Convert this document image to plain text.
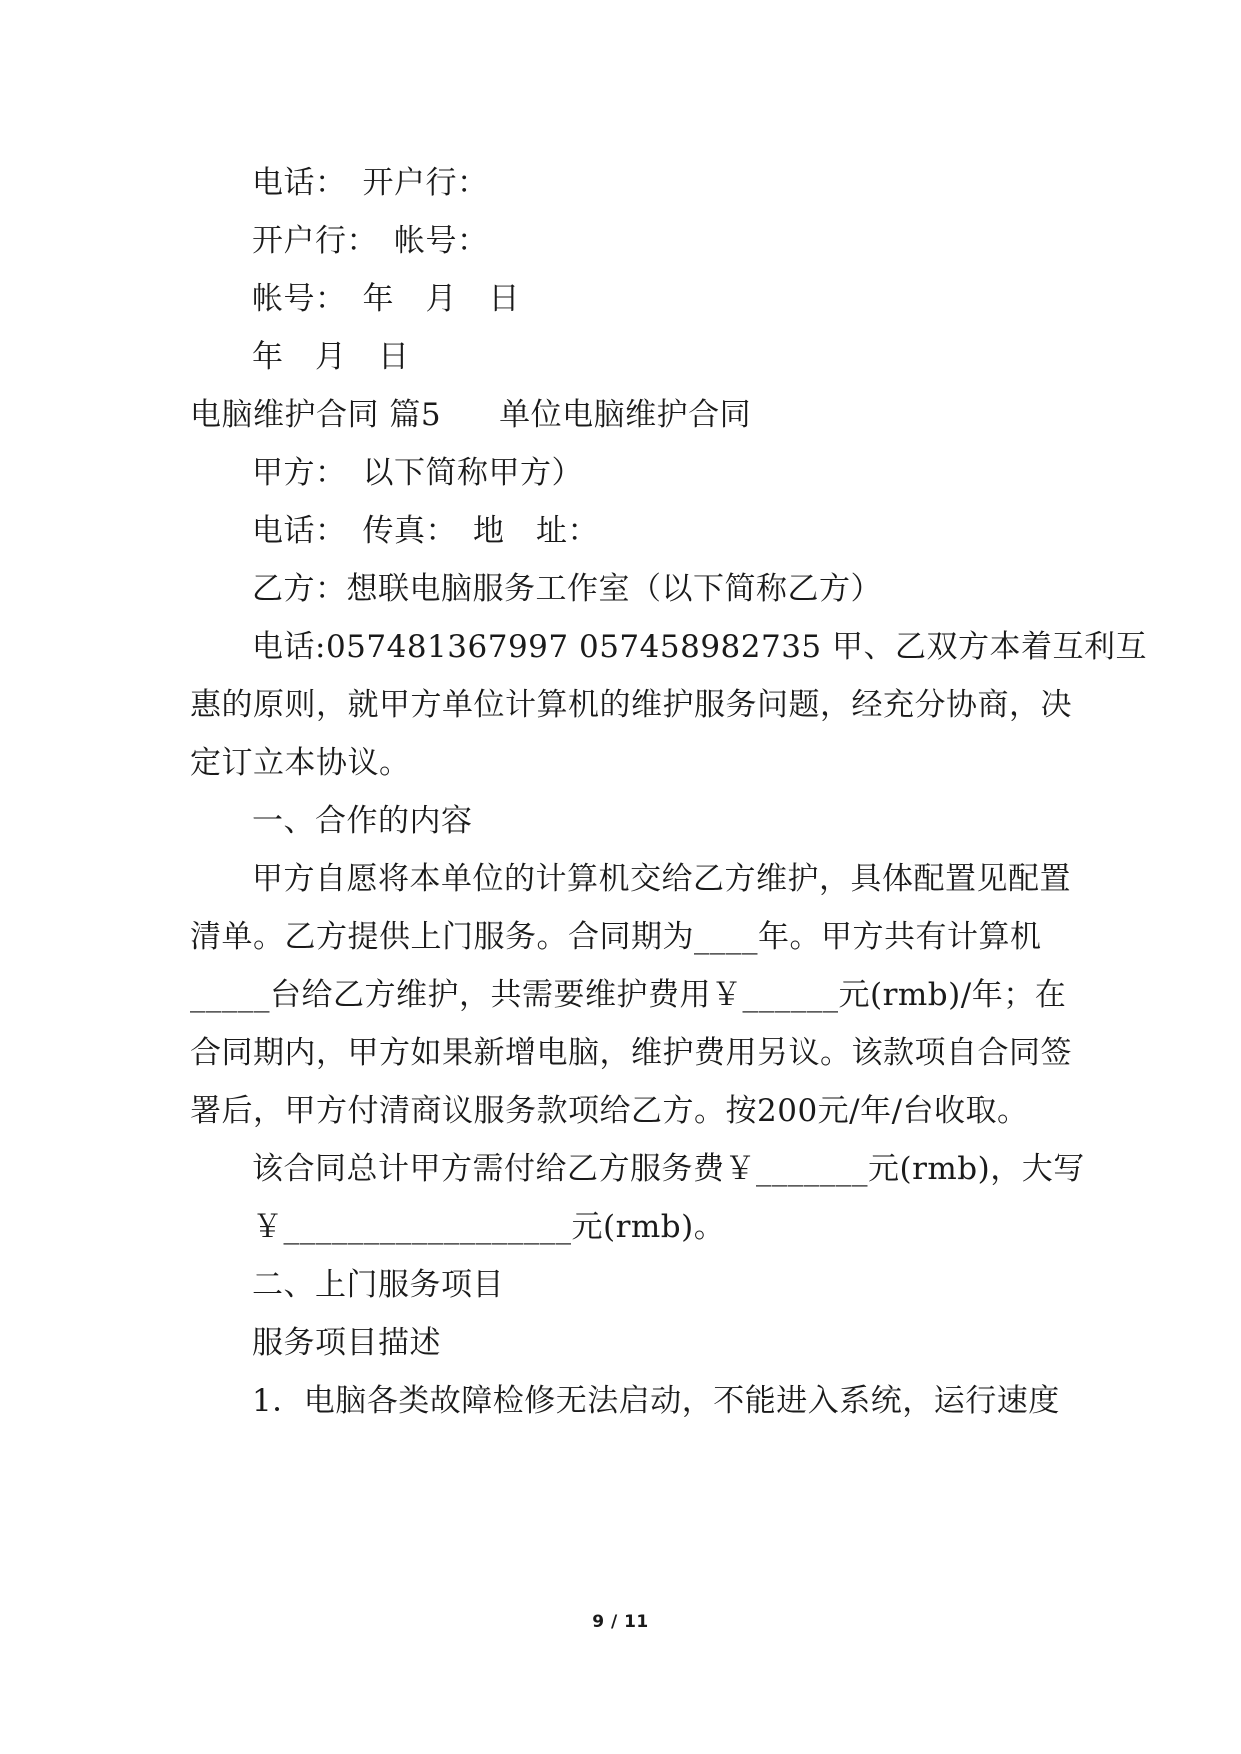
电话：　开户行：
开户行：　帐号：
帐号：　年　月　日
年　月　日
电脑维护合同 篇5 单位电脑维护合同
甲方：　以下简称甲方）
电话：　传真：　地　址：
乙方：想联电脑服务工作室（以下简称乙方）
电话:057481367997 057458982735 甲、乙双方本着互利互
惠的原则，就甲方单位计算机的维护服务问题，经充分协商，决
定订立本协议。
一、合作的内容
甲方自愿将本单位的计算机交给乙方维护，具体配置见配置
清单。乙方提供上门服务。合同期为____年。甲方共有计算机
_____台给乙方维护，共需要维护费用￥______元(rmb)/年；在
合同期内，甲方如果新增电脑，维护费用另议。该款项自合同签
署后，甲方付清商议服务款项给乙方。按200元/年/台收取。
该合同总计甲方需付给乙方服务费￥_______元(rmb)，大写
￥__________________元(rmb)。
二、上门服务项目
服务项目描述
1．电脑各类故障检修无法启动，不能进入系统，运行速度
9 / 11
